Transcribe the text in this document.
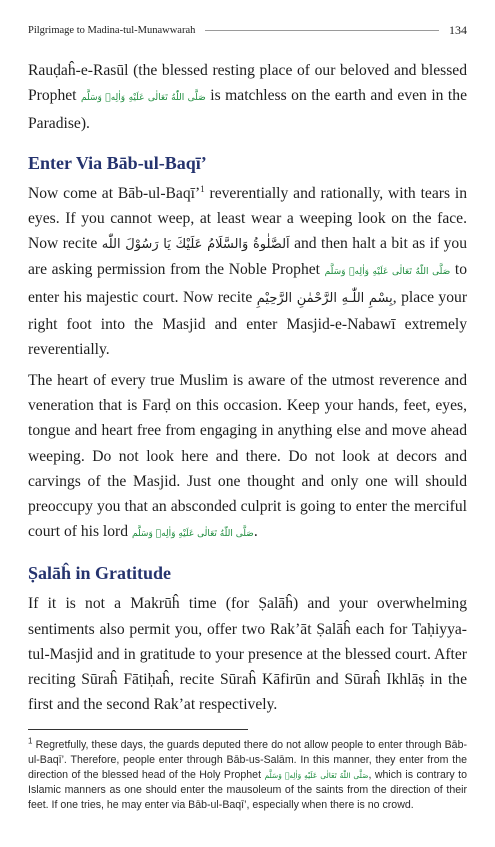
Pilgrimage to Madina-tul-Munawwarah	134

Rauḍaĥ-e-Rasūl (the blessed resting place of our beloved and blessed Prophet صَلَّى اللّٰهُ تَعَالٰى عَلَيْهِ وَاٰلِهٖ وَسَلَّم is matchless on the earth and even in the Paradise).

Enter Via Bāb-ul-Baqī’

Now come at Bāb-ul-Baqī’$^1$ reverentially and rationally, with tears in eyes. If you cannot weep, at least wear a weeping look on the face. Now recite اَلصَّلٰوةُ وَالسَّلَامُ عَلَيْكَ يَا رَسُوْلَ اللّٰه and then halt a bit as if you are asking permission from the Noble Prophet صَلَّى اللّٰهُ تَعَالٰى عَلَيْهِ وَاٰلِهٖ وَسَلَّم to enter his majestic court. Now recite بِسْمِ اللّٰـهِ الرَّحْمٰنِ الرَّحِيْمِ, place your right foot into the Masjid and enter Masjid-e-Nabawī extremely reverentially.

The heart of every true Muslim is aware of the utmost reverence and veneration that is Farḍ on this occasion. Keep your hands, feet, eyes, tongue and heart free from engaging in anything else and move ahead weeping. Do not look here and there. Do not look at decors and carvings of the Masjid. Just one thought and only one will should preoccupy you that an absconded culprit is going to enter the merciful court of his lord صَلَّى اللّٰهُ تَعَالٰى عَلَيْهِ وَاٰلِهٖ وَسَلَّم.

Ṣalāĥ in Gratitude

If it is not a Makrūĥ time (for Ṣalāĥ) and your overwhelming sentiments also permit you, offer two Rak’āt Ṣalāĥ each for Taḥiyya-tul-Masjid and in gratitude to your presence at the blessed court. After reciting Sūraĥ Fātiḥaĥ, recite Sūraĥ Kāfirūn and Sūraĥ Ikhlāṣ in the first and the second Rak’at respectively.

$^1$ Regretfully, these days, the guards deputed there do not allow people to enter through Bāb-ul-Baqī’. Therefore, people enter through Bāb-us-Salām. In this manner, they enter from the direction of the blessed head of the Holy Prophet صَلَّى اللّٰهُ تَعَالٰى عَلَيْهِ وَاٰلِهٖ وَسَلَّم, which is contrary to Islamic manners as one should enter the mausoleum of the saints from the direction of their feet. If one tries, he may enter via Bāb-ul-Baqī’, especially when there is no crowd.
